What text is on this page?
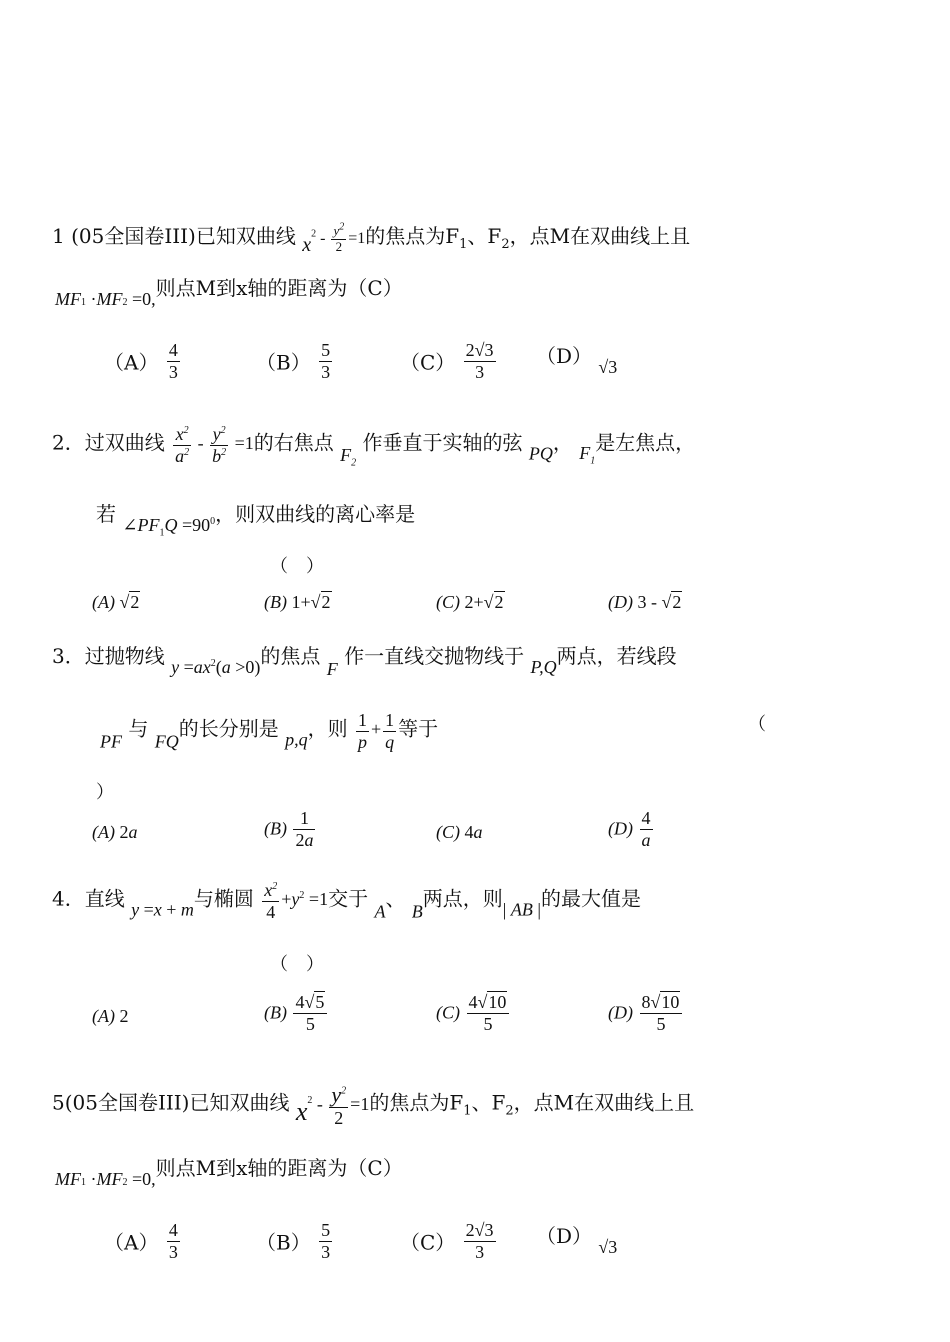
1 (05全国卷III)已知双曲线 $x^2 - \frac{y^2}{2} =1$的焦点为$F_1$、$F_2$，点M在双曲线上且
MF1 ·MF2 =0,则点M到x轴的距离为（C）
$(A) \frac{4}{3}$	$(B) \frac{5}{3}$	$(C) \frac{2√3}{3} (D)$ √3
2．过双曲线 $\frac{x^2}{a^2} - \frac{y^2}{b^2} =1$的右焦点 $F_2$ 作垂直于实轴的弦 PQ， $F_1$是左焦点，
若 $\angle PF_1Q =90^0$，则双曲线的离心率是
（　）
(A) √2	(B) 1+√2	(C) 2+√2	(D) 3 - √2
3．过抛物线 $y =ax^2(a >0)$的焦点 F 作一直线交抛物线于 P,Q两点，若线段
PF 与 FQ的长分别是 p,q，则 $\frac{1}{p} + \frac{1}{q}$ 等于	（
）
(A) 2a	$(B) \frac{1}{2a}$	(C) 4a	$(D) \frac{4}{a}$
4．直线 y =x + m与椭圆 $\frac{x^2}{4} +y^2 =1$交于 A、 B两点，则| AB |的最大值是
（　）
(A) 2	$(B) \frac{4√5}{5}$	$(C) \frac{4√10}{5}$	$(D) \frac{8√10}{5}$
5(05全国卷III)已知双曲线 $x^2 - \frac{y^2}{2} =1$的焦点为$F_1$、$F_2$，点M在双曲线上且
MF1 ·MF2 =0,则点M到x轴的距离为（C）
$(A) \frac{4}{3}$	$(B) \frac{5}{3}$	$(C) \frac{2√3}{3} (D)$ √3
